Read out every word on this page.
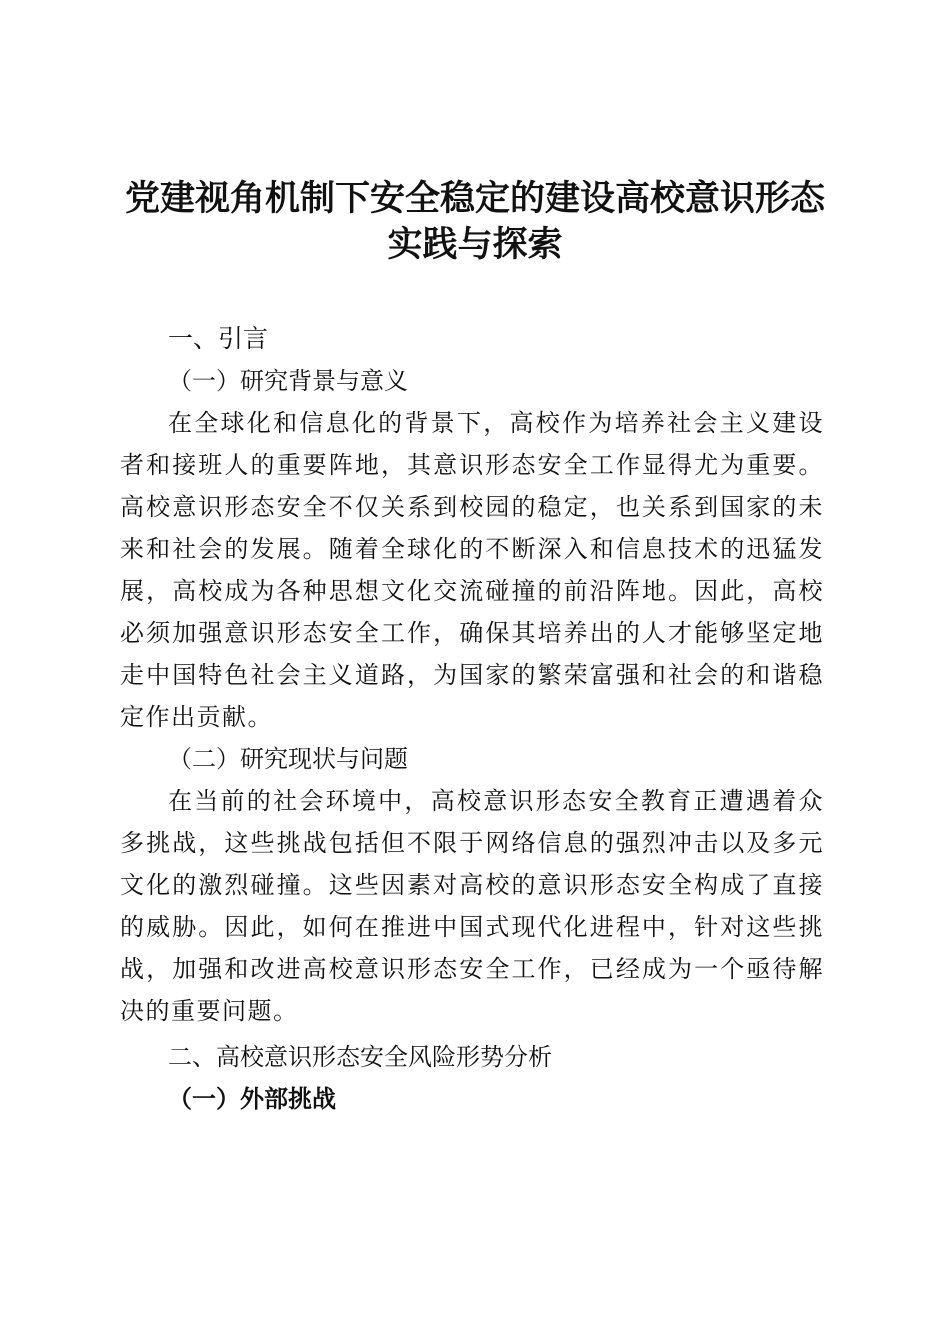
党建视角机制下安全稳定的建设高校意识形态
实践与探索
一、引言
（一）研究背景与意义

在全球化和信息化的背景下，高校作为培养社会主义建设者和接班人的重要阵地，其意识形态安全工作显得尤为重要。高校意识形态安全不仅关系到校园的稳定，也关系到国家的未来和社会的发展。随着全球化的不断深入和信息技术的迅猛发展，高校成为各种思想文化交流碰撞的前沿阵地。因此，高校必须加强意识形态安全工作，确保其培养出的人才能够坚定地走中国特色社会主义道路，为国家的繁荣富强和社会的和谐稳定作出贡献。

（二）研究现状与问题

在当前的社会环境中，高校意识形态安全教育正遭遇着众多挑战，这些挑战包括但不限于网络信息的强烈冲击以及多元文化的激烈碰撞。这些因素对高校的意识形态安全构成了直接的威胁。因此，如何在推进中国式现代化进程中，针对这些挑战，加强和改进高校意识形态安全工作，已经成为一个亟待解决的重要问题。

二、高校意识形态安全风险形势分析
（一）外部挑战
